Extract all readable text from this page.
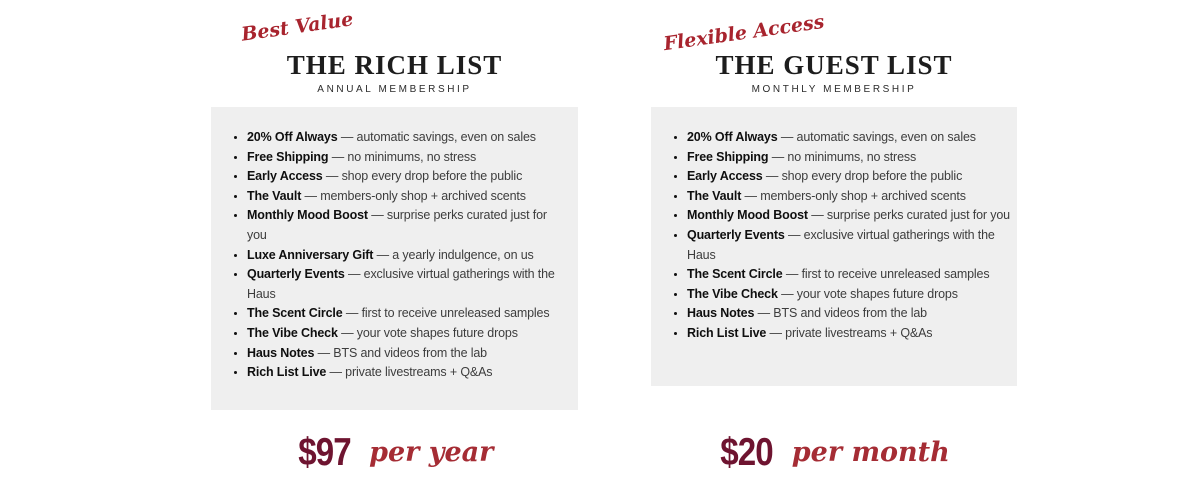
Best Value
THE RICH LIST
ANNUAL MEMBERSHIP
• 20% Off Always — automatic savings, even on sales
• Free Shipping — no minimums, no stress
• Early Access — shop every drop before the public
• The Vault — members-only shop + archived scents
• Monthly Mood Boost — surprise perks curated just for you
• Luxe Anniversary Gift — a yearly indulgence, on us
• Quarterly Events — exclusive virtual gatherings with the Haus
• The Scent Circle — first to receive unreleased samples
• The Vibe Check — your vote shapes future drops
• Haus Notes — BTS and videos from the lab
• Rich List Live — private livestreams + Q&As
$97 per year
Flexible Access
THE GUEST LIST
MONTHLY MEMBERSHIP
• 20% Off Always — automatic savings, even on sales
• Free Shipping — no minimums, no stress
• Early Access — shop every drop before the public
• The Vault — members-only shop + archived scents
• Monthly Mood Boost — surprise perks curated just for you
• Quarterly Events — exclusive virtual gatherings with the Haus
• The Scent Circle — first to receive unreleased samples
• The Vibe Check — your vote shapes future drops
• Haus Notes — BTS and videos from the lab
• Rich List Live — private livestreams + Q&As
$20 per month
